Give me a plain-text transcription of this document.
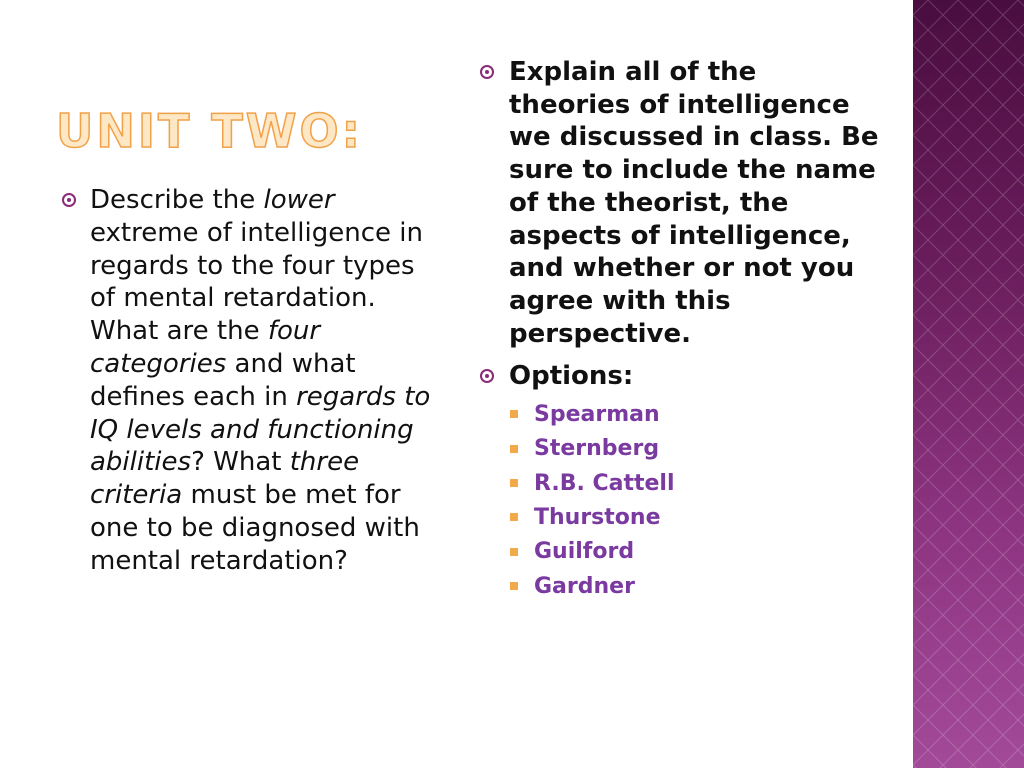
UNIT TWO:
Describe the lower extreme of intelligence in regards to the four types of mental retardation. What are the four categories and what defines each in regards to IQ levels and functioning abilities? What three criteria must be met for one to be diagnosed with mental retardation?
Explain all of the theories of intelligence we discussed in class. Be sure to include the name of the theorist, the aspects of intelligence, and whether or not you agree with this perspective.
Options:
Spearman
Sternberg
R.B. Cattell
Thurstone
Guilford
Gardner
